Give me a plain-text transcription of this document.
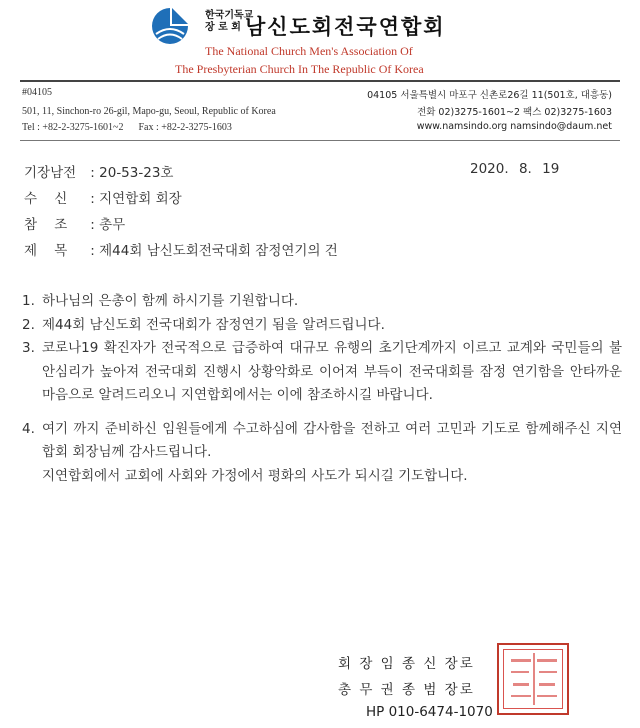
한국기독교
장 로 회 남신도회전국연합회
The National Church Men's Association Of
The Presbyterian Church In The Republic Of Korea
#04105
501, 11, Sinchon-ro 26-gil, Mapo-gu, Seoul, Republic of Korea
Tel : +82-2-3275-1601~2      Fax : +82-2-3275-1603
04105 서울특별시 마포구 신촌로26길 11(501호, 대흥동)
전화 02)3275-1601~2 팩스 02)3275-1603
www.namsindo.org namsindo@daum.net
기장남전 : 20-53-23호	2020. 8. 19
수    신 : 지연합회 회장
참    조 : 총무
제    목 : 제44회 남신도회전국대회 잠정연기의 건
1. 하나님의 은총이 함께 하시기를 기원합니다.
2. 제44회 남신도회 전국대회가 잠정연기 됨을 알려드립니다.
3. 코로나19 확진자가 전국적으로 급증하여 대규모 유행의 초기단계까지 이르고 교계와 국민들의 불안심리가 높아져 전국대회 진행시 상황악화로 이어져 부득이 전국대회를 잠정 연기함을 안타까운 마음으로 알려드리오니 지연합회에서는 이에 참조하시길 바랍니다.
4. 여기 까지 준비하신 임원들에게 수고하심에 감사함을 전하고 여러 고민과 기도로 함께해주신 지연합회 회장님께 감사드립니다.
지연합회에서 교회에 사회와 가정에서 평화의 사도가 되시길 기도합니다.
회 장 임 종 신 장로
총 무 권 종 범 장로
HP 010-6474-1070
